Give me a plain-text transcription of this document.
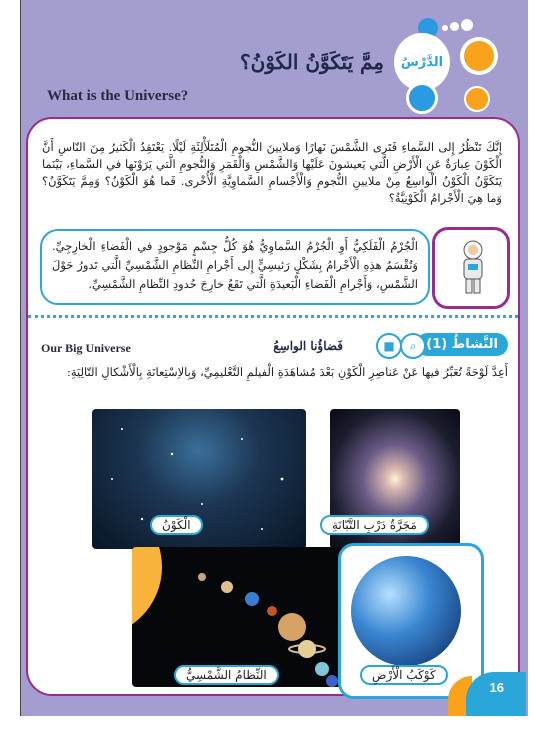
الدَّرْسُ
مِمَّ يَتَكَوَّنُ الكَوْنُ؟
What is the Universe?

إِنَّكَ تَنْظُرُ إِلى السَّماءِ فَتَرى الشَّمْسَ نَهارًا وَملايينَ النُّجومِ الْمُتَلَأْلِئَةِ لَيْلًا. يَعْتَقِدُ الْكَثيرُ مِنَ النّاسِ أَنَّ الْكَوْنَ عِبارَةٌ عَنِ الْأَرْضِ الَّتي يَعيشونَ عَلَيْها وَالشَّمْسِ وَالْقَمَرِ وَالنُّجومِ الَّتي يَرَوْنَها في السَّماءِ، بَيْنَما يَتَكَوَّنُ الْكَوْنُ الْواسِعُ مِنْ ملايينِ النُّجومِ وَالْأَجْسامِ السَّماوِيَّةِ الْأُخْرى. فَما هُوَ الْكَوْنُ؟ وَمِمَّ يَتَكَوَّنُ؟ وَما هِيَ الْأَجْرامُ الْكَوْنِيَّةُ؟

الْجُرْمُ الْفَلَكِيُّ أَوِ الْجُرْمُ السَّماوِيُّ هُوَ كُلُّ جِسْمٍ مَوْجودٍ في الْفَضاءِ الْخارِجِيِّ. وَتُقْسَمُ هذِهِ الْأَجْرامُ بِشَكْلٍ رَئيسِيٍّ إِلى أَجْرامِ النِّظامِ الشَّمْسِيِّ الَّتي تَدورُ حَوْلَ الشَّمْسِ، وَأَجْرامِ الْفَضاءِ الْبَعيدَةِ الَّتي تَقَعُ خارِجَ حُدودِ النِّظامِ الشَّمْسِيِّ.
النَّشاطُ (1)
⌕
■
فَضاؤُنا الواسِعُ
Our Big Universe
أَعِدَّ لَوْحَةً تُعَبِّرُ فيها عَنْ عَناصِرِ الْكَوْنِ بَعْدَ مُشاهَدَةِ الْفيلمِ التَّعْليمِيِّ، وَبِالاِسْتِعانَةِ بِالْأَشْكالِ التّالِيَةِ:
الْكَوْنُ	مَجَرَّةُ دَرْبِ التَّبّانَةِ
النِّظامُ الشَّمْسِيُّ	كَوْكَبُ الْأَرْضِ
16
